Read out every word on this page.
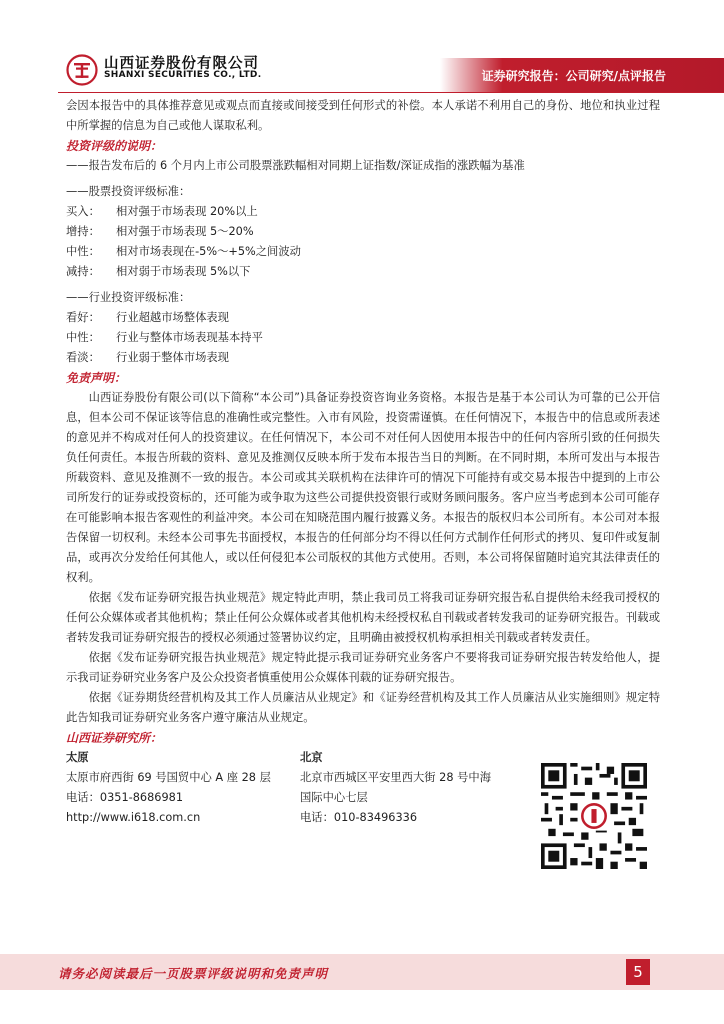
山西证券股份有限公司
SHANXI SECURITIES CO., LTD.	证券研究报告：公司研究/点评报告

会因本报告中的具体推荐意见或观点而直接或间接受到任何形式的补偿。本人承诺不利用自己的身份、地位和执业过程中所掌握的信息为自己或他人谋取私利。

投资评级的说明：

——报告发布后的 6 个月内上市公司股票涨跌幅相对同期上证指数/深证成指的涨跌幅为基准

——股票投资评级标准：

买入：	相对强于市场表现 20%以上
增持：	相对强于市场表现 5～20%
中性：	相对市场表现在-5%～+5%之间波动
减持：	相对弱于市场表现 5%以下

——行业投资评级标准：

看好：	行业超越市场整体表现
中性：	行业与整体市场表现基本持平
看淡：	行业弱于整体市场表现

免责声明：

山西证券股份有限公司(以下简称“本公司”)具备证券投资咨询业务资格。本报告是基于本公司认为可靠的已公开信息，但本公司不保证该等信息的准确性或完整性。入市有风险，投资需谨慎。在任何情况下，本报告中的信息或所表述的意见并不构成对任何人的投资建议。在任何情况下，本公司不对任何人因使用本报告中的任何内容所引致的任何损失负任何责任。本报告所载的资料、意见及推测仅反映本所于发布本报告当日的判断。在不同时期，本所可发出与本报告所载资料、意见及推测不一致的报告。本公司或其关联机构在法律许可的情况下可能持有或交易本报告中提到的上市公司所发行的证券或投资标的，还可能为或争取为这些公司提供投资银行或财务顾问服务。客户应当考虑到本公司可能存在可能影响本报告客观性的利益冲突。本公司在知晓范围内履行披露义务。本报告的版权归本公司所有。本公司对本报告保留一切权利。未经本公司事先书面授权，本报告的任何部分均不得以任何方式制作任何形式的拷贝、复印件或复制品，或再次分发给任何其他人，或以任何侵犯本公司版权的其他方式使用。否则，本公司将保留随时追究其法律责任的权利。

依据《发布证券研究报告执业规范》规定特此声明，禁止我司员工将我司证券研究报告私自提供给未经我司授权的任何公众媒体或者其他机构；禁止任何公众媒体或者其他机构未经授权私自刊载或者转发我司的证券研究报告。刊载或者转发我司证券研究报告的授权必须通过签署协议约定，且明确由被授权机构承担相关刊载或者转发责任。

依据《发布证券研究报告执业规范》规定特此提示我司证券研究业务客户不要将我司证券研究报告转发给他人，提示我司证券研究业务客户及公众投资者慎重使用公众媒体刊载的证券研究报告。

依据《证券期货经营机构及其工作人员廉洁从业规定》和《证券经营机构及其工作人员廉洁从业实施细则》规定特此告知我司证券研究业务客户遵守廉洁从业规定。

山西证券研究所：

太原
太原市府西街 69 号国贸中心 A 座 28 层
电话：0351-8686981
http://www.i618.com.cn
北京
北京市西城区平安里西大街 28 号中海
国际中心七层
电话：010-83496336
请务必阅读最后一页股票评级说明和免责声明	5
